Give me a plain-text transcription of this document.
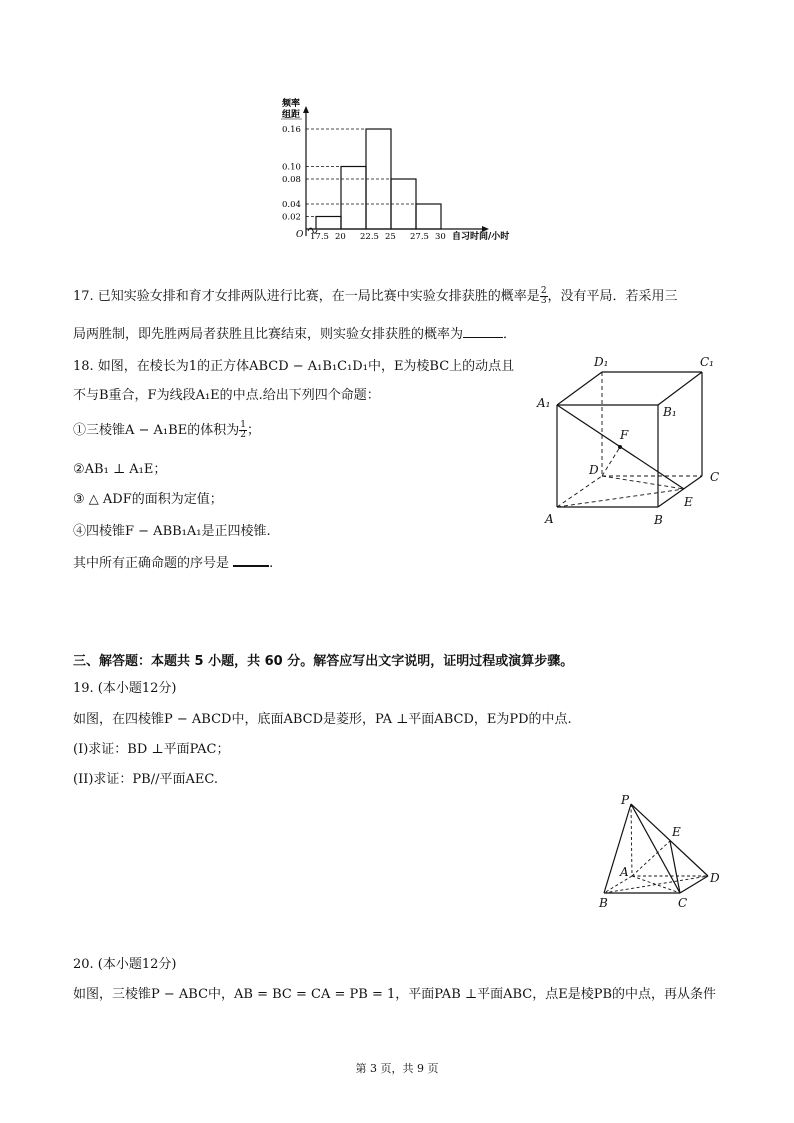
0.16
0.10
0.08
0.04
0.02
17.5 20 22.5 25 27.5 30
频率
组距
O	自习时间/小时
17. 已知实验女排和育才女排两队进行比赛，在一局比赛中实验女排获胜的概率是 $\frac{2}{3}$ ，没有平局．若采用三
局两胜制，即先胜两局者获胜且比赛结束，则实验女排获胜的概率为	．
18. 如图，在棱长为1的正方体ABCD − A₁B₁C₁D₁中，E为棱BC上的动点且
不与B重合，F为线段A₁E的中点.给出下列四个命题：
①三棱锥A − A₁BE的体积为 $\frac{1}{2}$ ；
②AB₁ ⊥ A₁E；
③ △ ADF的面积为定值；
④四棱锥F − ABB₁A₁是正四棱锥.
其中所有正确命题的序号是	.
D₁	C₁
A₁
B₁
F
D	C
E
A	B
三、解答题：本题共 5 小题，共 60 分。解答应写出文字说明，证明过程或演算步骤。
19. (本小题12分)
如图，在四棱锥P − ABCD中，底面ABCD是菱形，PA ⊥平面ABCD，E为PD的中点.
(I)求证：BD ⊥平面PAC；
(II)求证：PB//平面AEC.
P
E
A	D
B	C
20. (本小题12分)
如图，三棱锥P − ABC中，AB = BC = CA = PB = 1，平面PAB ⊥平面ABC，点E是棱PB的中点，再从条件
第 3 页，共 9 页
